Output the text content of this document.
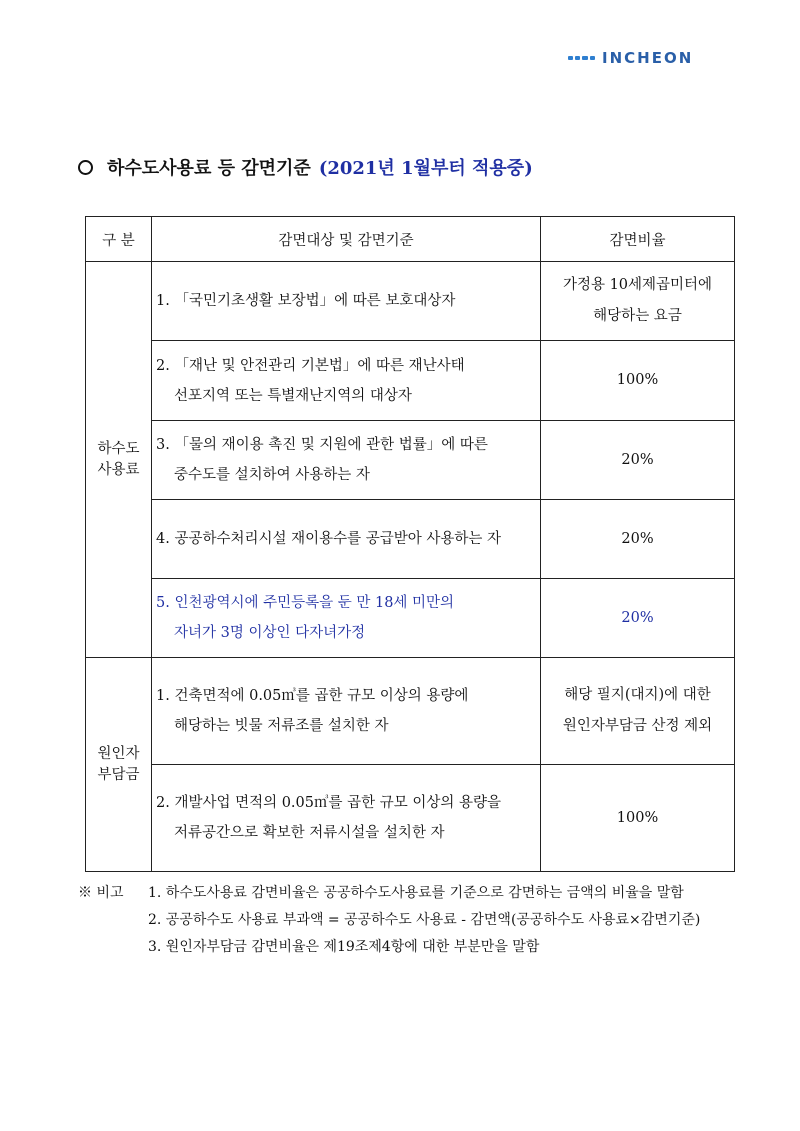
INCHEON
하수도사용료 등 감면기준 (2021년 1월부터 적용중)
구 분	감면대상 및 감면기준	감면비율
하수도
사용료	1. 「국민기초생활 보장법」에 따른 보호대상자	가정용 10세제곱미터에
해당하는 요금

	2. 「재난 및 안전관리 기본법」에 따른 재난사태
선포지역 또는 특별재난지역의 대상자	100%

	3. 「물의 재이용 촉진 및 지원에 관한 법률」에 따른
중수도를 설치하여 사용하는 자	20%

	4. 공공하수처리시설 재이용수를 공급받아 사용하는 자	20%

	5. 인천광역시에 주민등록을 둔 만 18세 미만의
자녀가 3명 이상인 다자녀가정	20%
원인자
부담금	1. 건축면적에 0.05㎥를 곱한 규모 이상의 용량에
해당하는 빗물 저류조를 설치한 자	해당 필지(대지)에 대한
원인자부담금 산정 제외

	2. 개발사업 면적의 0.05㎥를 곱한 규모 이상의 용량을
저류공간으로 확보한 저류시설을 설치한 자	100%
※ 비고	1. 하수도사용료 감면비율은 공공하수도사용료를 기준으로 감면하는 금액의 비율을 말함
2. 공공하수도 사용료 부과액 = 공공하수도 사용료 - 감면액(공공하수도 사용료×감면기준)
3. 원인자부담금 감면비율은 제19조제4항에 대한 부분만을 말함
